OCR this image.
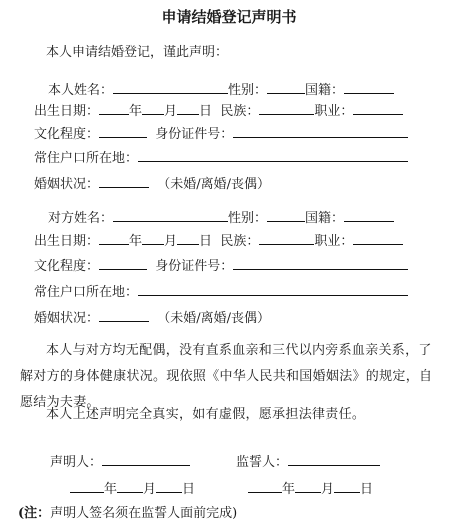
申请结婚登记声明书
本人申请结婚登记，谨此声明：
本人姓名：	性别：	国籍：
出生日期： 年 月 日 民族：	职业：
文化程度：	身份证件号：
常住户口所在地：
婚姻状况：	（未婚/离婚/丧偶）
对方姓名：	性别：	国籍：
出生日期： 年 月 日 民族：	职业：
文化程度：	身份证件号：
常住户口所在地：
婚姻状况：	（未婚/离婚/丧偶）
本人与对方均无配偶，没有直系血亲和三代以内旁系血亲关系，了解对方的身体健康状况。现依照《中华人民共和国婚姻法》的规定，自愿结为夫妻。
本人上述声明完全真实，如有虚假，愿承担法律责任。
声明人：	监誓人：
年 月 日	年 月 日
(注：声明人签名须在监誓人面前完成)
